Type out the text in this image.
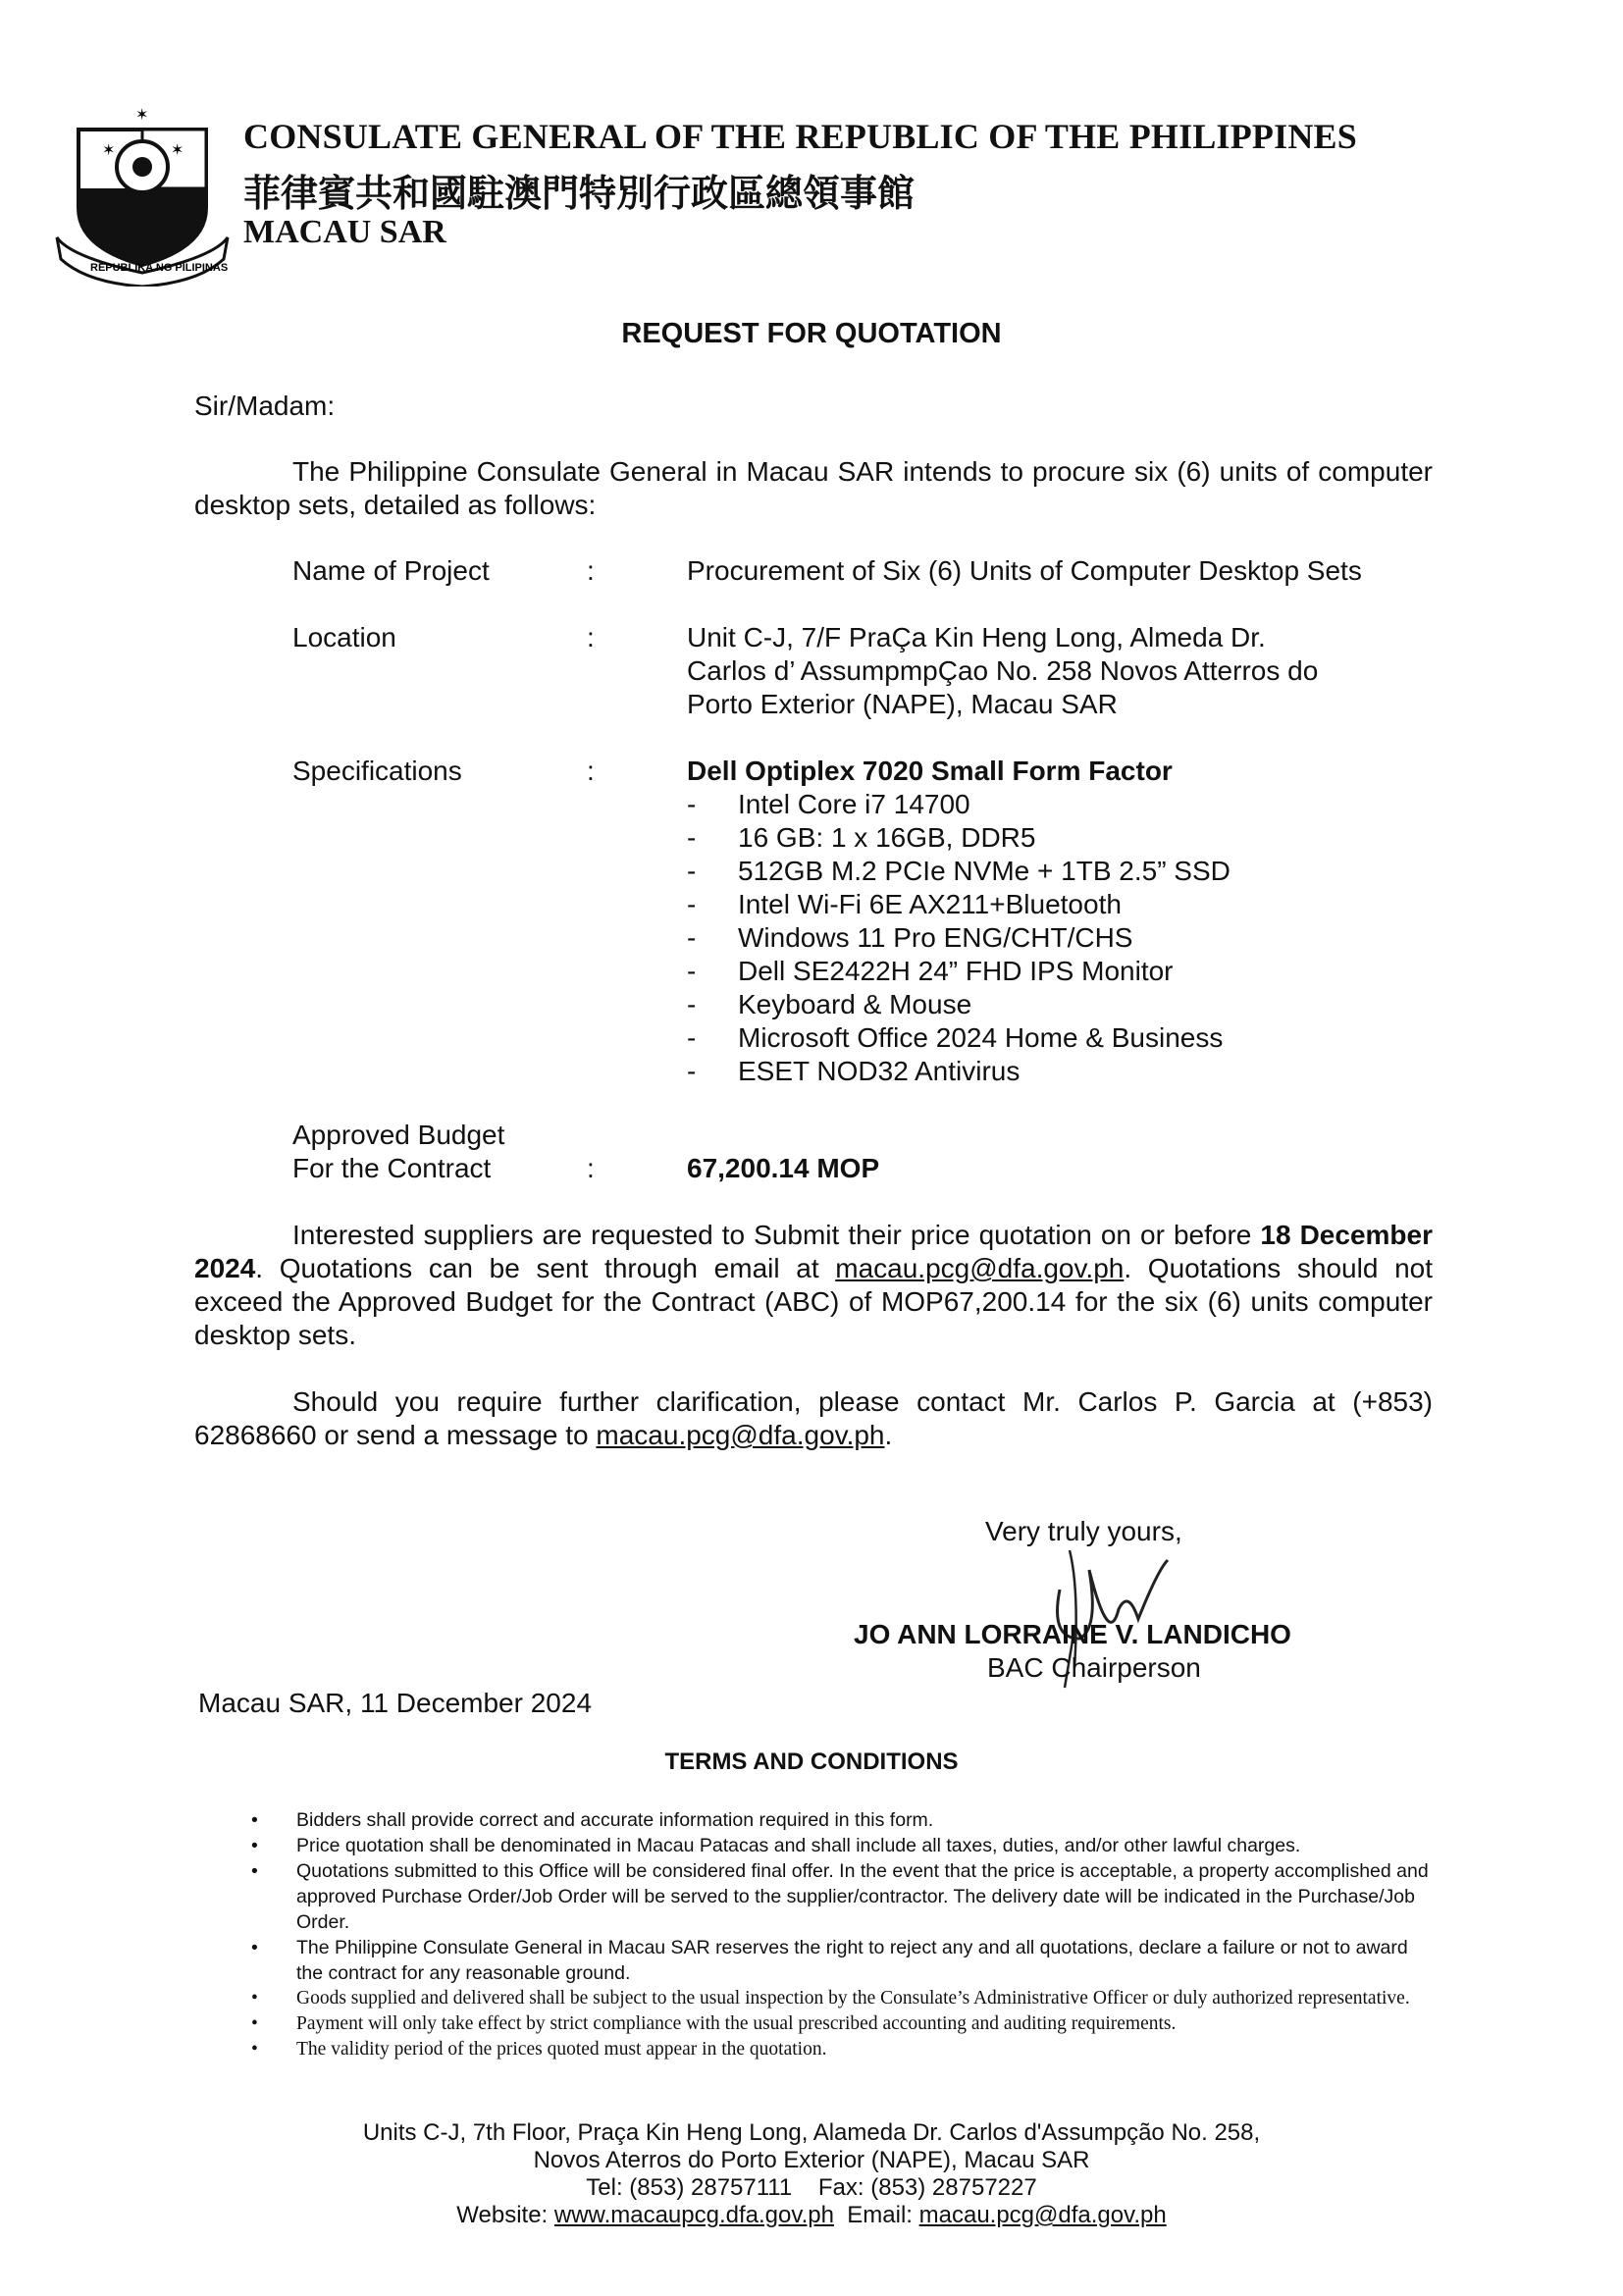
✶	✶
✶
REPUBLIKA NG PILIPINAS
CONSULATE GENERAL OF THE REPUBLIC OF THE PHILIPPINES
菲律賓共和國駐澳門特別行政區總領事館
MACAU SAR
REQUEST FOR QUOTATION
Sir/Madam:
The Philippine Consulate General in Macau SAR intends to procure six (6) units of computer desktop sets, detailed as follows:
Name of Project	:	Procurement of Six (6) Units of Computer Desktop Sets
Location	:	Unit C-J, 7/F PraÇa Kin Heng Long, Almeda Dr.
Carlos d’ AssumpmpÇao No. 258 Novos Atterros do
Porto Exterior (NAPE), Macau SAR
Specifications	:	Dell Optiplex 7020 Small Form Factor
- Intel Core i7 14700
- 16 GB: 1 x 16GB, DDR5
- 512GB M.2 PCIe NVMe + 1TB 2.5” SSD
- Intel Wi-Fi 6E AX211+Bluetooth
- Windows 11 Pro ENG/CHT/CHS
- Dell SE2422H 24” FHD IPS Monitor
- Keyboard & Mouse
- Microsoft Office 2024 Home & Business
- ESET NOD32 Antivirus
Approved Budget
For the Contract	:	67,200.14 MOP
Interested suppliers are requested to Submit their price quotation on or before 18 December 2024. Quotations can be sent through email at macau.pcg@dfa.gov.ph. Quotations should not exceed the Approved Budget for the Contract (ABC) of MOP67,200.14 for the six (6) units computer desktop sets.
Should you require further clarification, please contact Mr. Carlos P. Garcia at (+853) 62868660 or send a message to macau.pcg@dfa.gov.ph.
Very truly yours,
JO ANN LORRAINE V. LANDICHO
BAC Chairperson
Macau SAR, 11 December 2024
TERMS AND CONDITIONS
• Bidders shall provide correct and accurate information required in this form.
• Price quotation shall be denominated in Macau Patacas and shall include all taxes, duties, and/or other lawful charges.
• Quotations submitted to this Office will be considered final offer. In the event that the price is acceptable, a property accomplished and approved Purchase Order/Job Order will be served to the supplier/contractor. The delivery date will be indicated in the Purchase/Job Order.
• The Philippine Consulate General in Macau SAR reserves the right to reject any and all quotations, declare a failure or not to award the contract for any reasonable ground.
• Goods supplied and delivered shall be subject to the usual inspection by the Consulate’s Administrative Officer or duly authorized representative.
• Payment will only take effect by strict compliance with the usual prescribed accounting and auditing requirements.
• The validity period of the prices quoted must appear in the quotation.
Units C-J, 7th Floor, Praça Kin Heng Long, Alameda Dr. Carlos d'Assumpção No. 258,
Novos Aterros do Porto Exterior (NAPE), Macau SAR
Tel: (853) 28757111    Fax: (853) 28757227
Website: www.macaupcg.dfa.gov.ph  Email: macau.pcg@dfa.gov.ph
